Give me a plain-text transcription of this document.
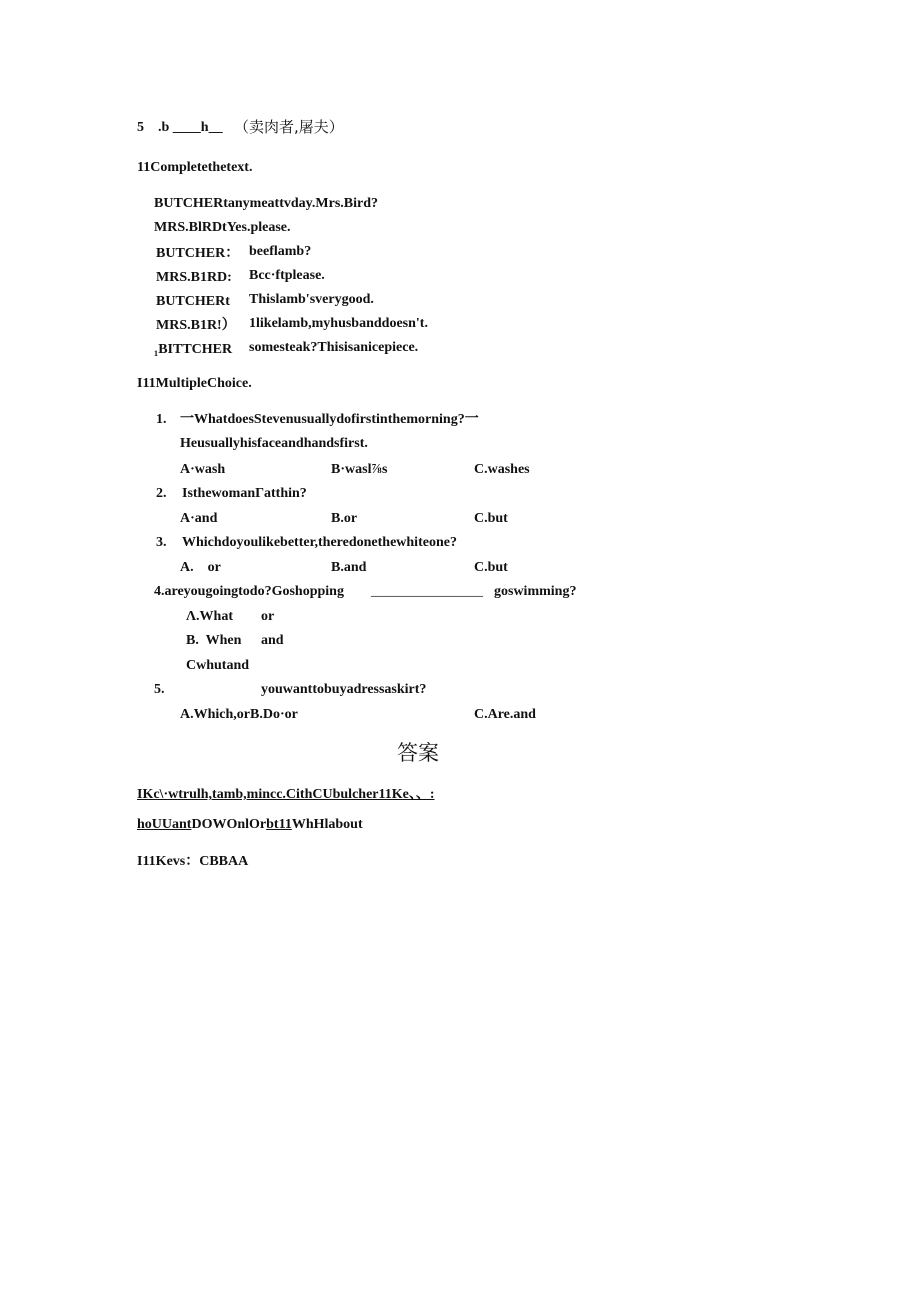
5 .b ____h__ （卖肉者,屠夫）
11Completethetext.
BUTCHERtanymeattvday.Mrs.Bird?
MRS.BlRDtYes.please.
BUTCHER： beeflamb?
MRS.B1RD: Bcc·ftplease.
BUTCHERt Thislamb'sverygood.
MRS.B1R!） 1likelamb,myhusbanddoesn't.
₁BITTCHER somesteak?Thisisanicepiece.
I11MultipleChoice.
1. 一WhatdoesStevenusuallydofirstinthemorning?一
Heusuallyhisfaceandhandsfirst.
A·wash	B·wasl⅞s	C.washes
2. IsthewomanΓatthin?
A·and	B.or	C.but
3. Whichdoyoulikebetter,theredonethewhiteone?
A.    or	B.and	C.but
4.areyougoingtodo?Goshopping ________________ goswimming?
Λ.What or
B.  When and
Cwhutand
5.	youwanttobuyadressaskirt?
A.Which,orB.Do·or	C.Are.and
答案
IKc\·wtrulh,tamb,mincc.CithCUbulcher11Ke、、:
hoUUantDOWOnlOrbt11WhHlabout
I11Kevs：CBBAA
